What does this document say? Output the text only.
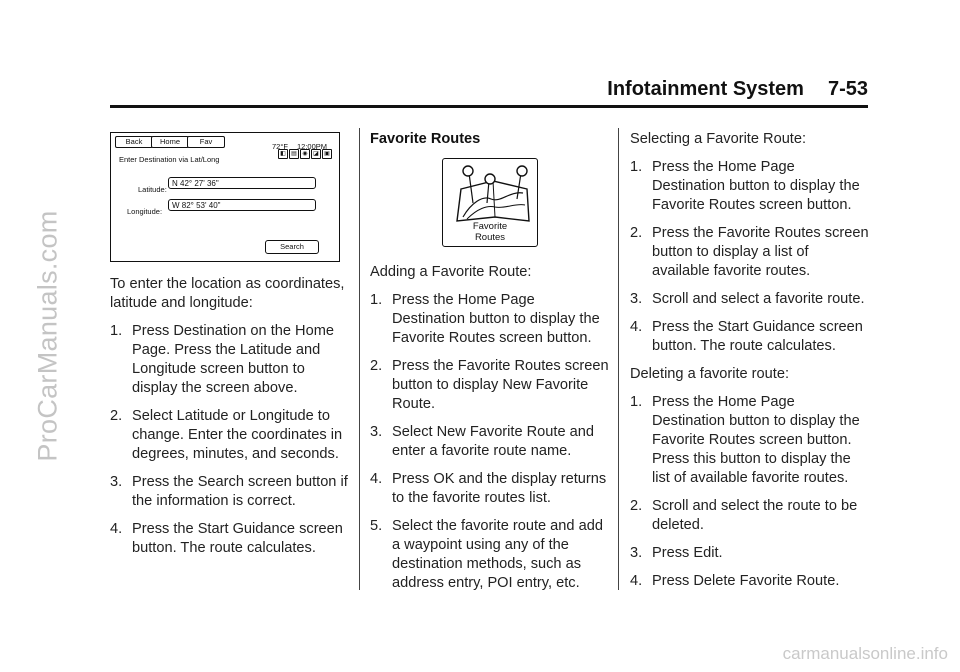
ProCarManuals.com
Infotainment System 7-53
Back	Home	Fav
72°F 12:00PM
Enter Destination via Lat/Long
◧ ▤ ◉ ◪ ▣
Latitude:
N 42° 27' 36"
Longitude:
W 82° 53' 40"
Search

To enter the location as coordinates, latitude and longitude:

1. Press Destination on the Home Page. Press the Latitude and Longitude screen button to display the screen above.
2. Select Latitude or Longitude to change. Enter the coordinates in degrees, minutes, and seconds.
3. Press the Search screen button if the information is correct.
4. Press the Start Guidance screen button. The route calculates.

Favorite Routes

Favorite
Routes

Adding a Favorite Route:

1. Press the Home Page Destination button to display the Favorite Routes screen button.
2. Press the Favorite Routes screen button to display New Favorite Route.
3. Select New Favorite Route and enter a favorite route name.
4. Press OK and the display returns to the favorite routes list.
5. Select the favorite route and add a waypoint using any of the destination methods, such as address entry, POI entry, etc.

Selecting a Favorite Route:

1. Press the Home Page Destination button to display the Favorite Routes screen button.
2. Press the Favorite Routes screen button to display a list of available favorite routes.
3. Scroll and select a favorite route.
4. Press the Start Guidance screen button. The route calculates.

Deleting a favorite route:

1. Press the Home Page Destination button to display the Favorite Routes screen button. Press this button to display the list of available favorite routes.
2. Scroll and select the route to be deleted.
3. Press Edit.
4. Press Delete Favorite Route.
carmanualsonline.info
